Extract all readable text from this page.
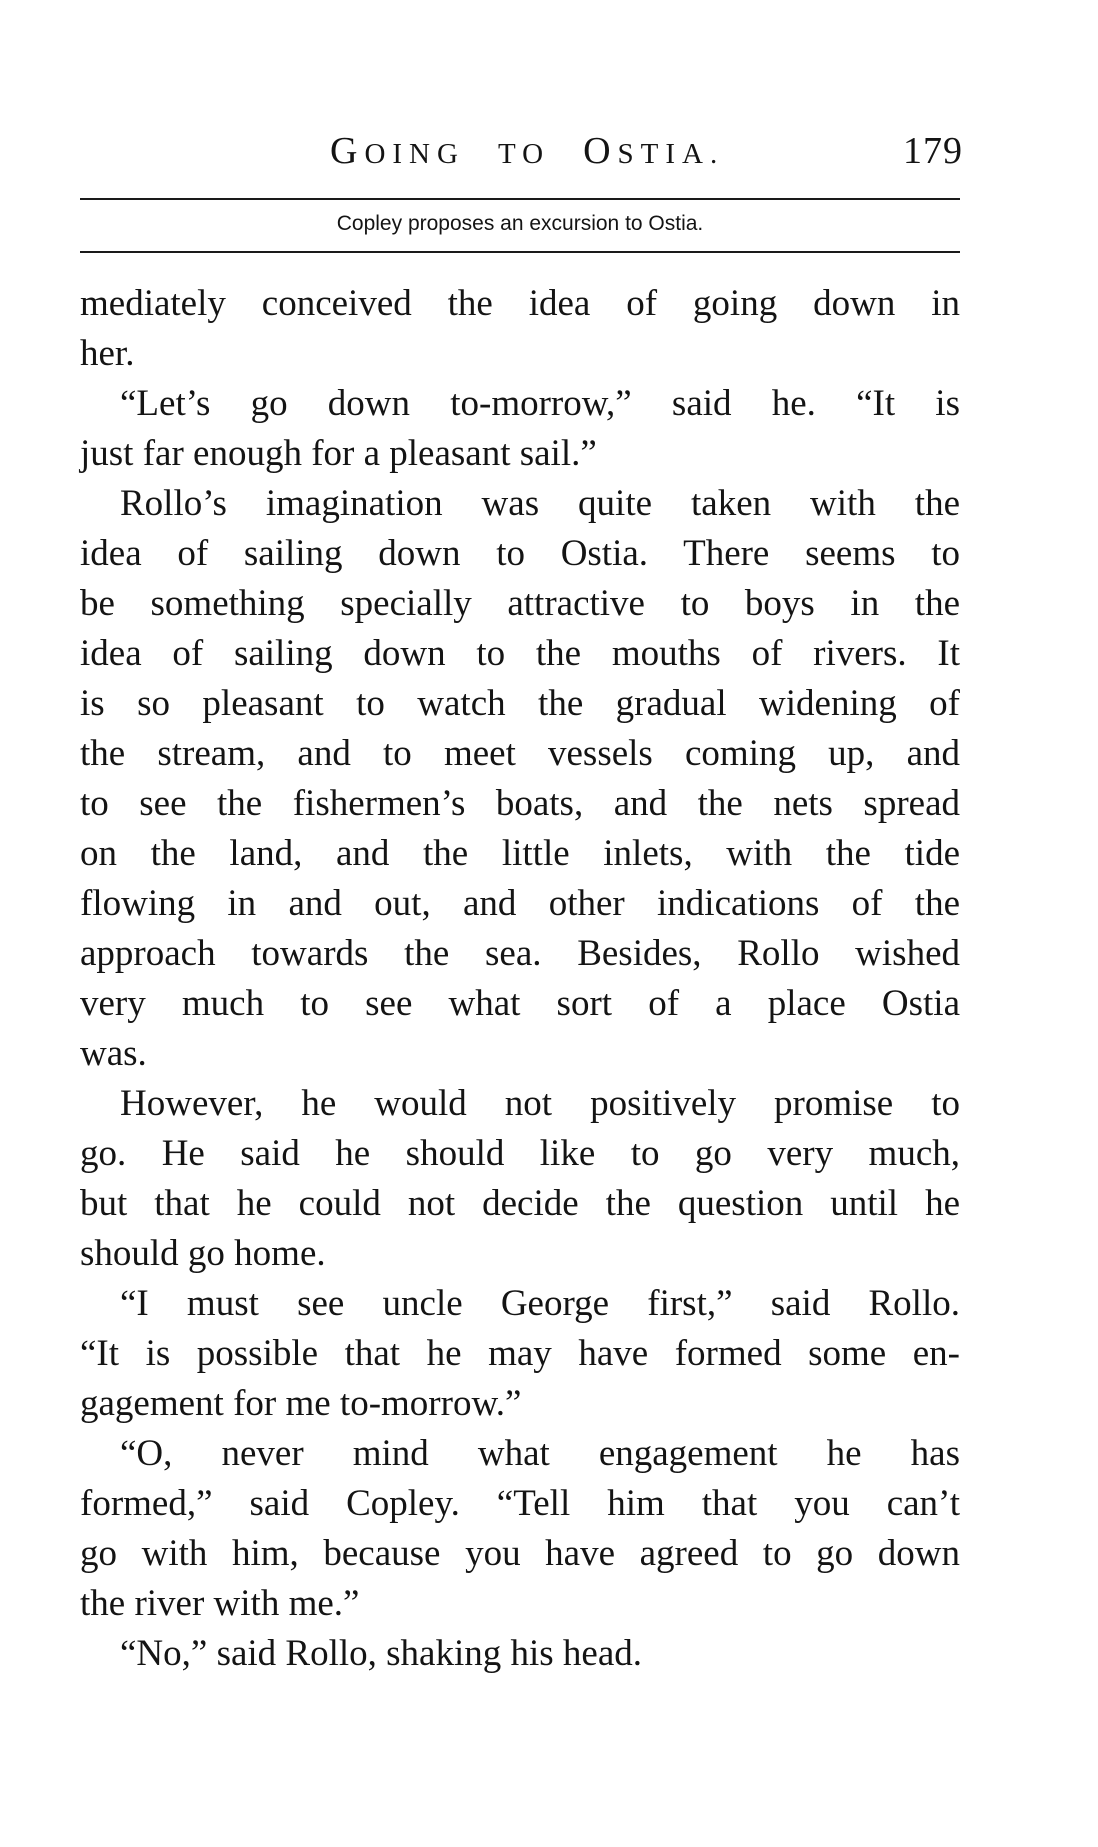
GOING TO OSTIA.	179
Copley proposes an excursion to Ostia.
mediately conceived the idea of going down in
her.
“Let’s go down to-morrow,” said he. “It is
just far enough for a pleasant sail.”
Rollo’s imagination was quite taken with the
idea of sailing down to Ostia. There seems to
be something specially attractive to boys in the
idea of sailing down to the mouths of rivers. It
is so pleasant to watch the gradual widening of
the stream, and to meet vessels coming up, and
to see the fishermen’s boats, and the nets spread
on the land, and the little inlets, with the tide
flowing in and out, and other indications of the
approach towards the sea. Besides, Rollo wished
very much to see what sort of a place Ostia
was.
However, he would not positively promise to
go. He said he should like to go very much,
but that he could not decide the question until he
should go home.
“I must see uncle George first,” said Rollo.
“It is possible that he may have formed some en-
gagement for me to-morrow.”
“O, never mind what engagement he has
formed,” said Copley. “Tell him that you can’t
go with him, because you have agreed to go down
the river with me.”
“No,” said Rollo, shaking his head.
